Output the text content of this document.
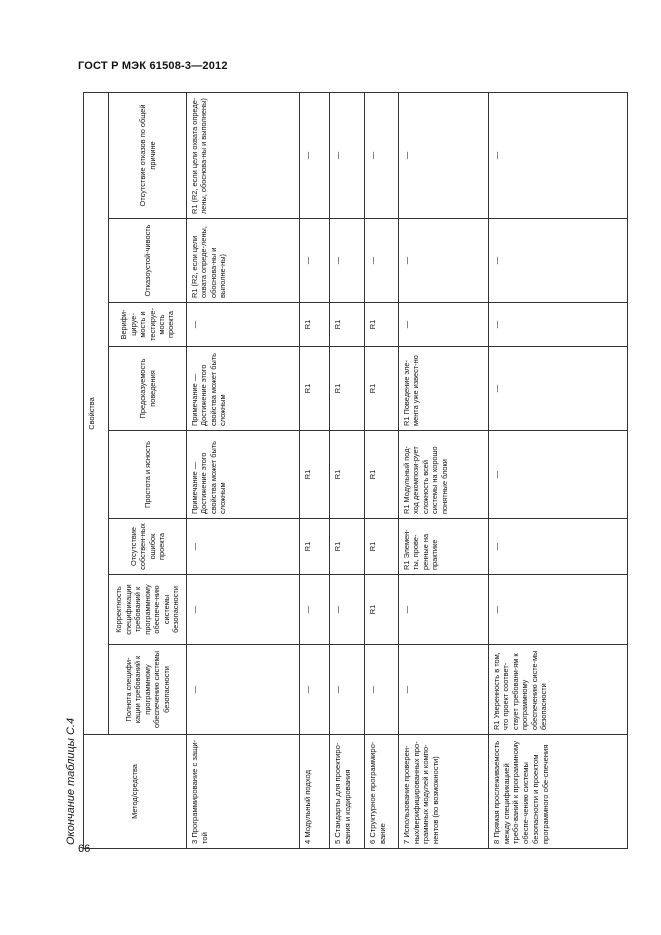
ГОСТ Р МЭК 61508-3—2012
66
Окончание таблицы С.4	Метод/средства	Свойства							
	Полнота специфи-кации требований к программному обеспечению системы безопасности	Корректность спецификации требований к программному обеспече-нию системы безопасности	Отсутствие собствен-ных ошибок проекта	Простота и ясность	Предсказуемость поведения	Верифи-цируе-мость и тестируе-мость проекта	Отказоустой-чивость	Отсутствие отказов по общей причине
3 Программирование с защи-той	—	—	—	Примечание — Достижение этого свойства может быть сложным	Примечание — Достижение этого свойства может быть сложным	—	R1 (R2, если цели охвата опреде-лены, обоснова-ны и выполне-ны)	R1 (R2, если цели охвата опреде-лены, обоснова-ны и выполнены)
4 Модульный подход	—	—	R1	R1	R1	R1	—	—
5 Стандарты для проектиро-вания и кодирования	—	—	R1	R1	R1	R1	—	—
6 Структурное программиро-вание	—	R1	R1	R1	R1	R1	—	—
7 Использование проверен-ных/верифицированных про-граммных модулей и компо-нентов (по возможности)	—	—	R1 Элемен-ты, прове-ренные на практике	R1 Модульный под-ход декомпози-рует сложность всей системы на хорошо понятные блоки	R1 Поведение эле-мента уже извест-но	—	—	—
8 Прямая прослеживаемость между спецификацией требо-ваний к программному обеспе-чению системы безопасности и проектом программного обе-спечения	R1 Уверенность в том, что проект соответ-ствует требовани-ям к программному обеспечению систе-мы безопасности	—	—	—	—	—	—	—
